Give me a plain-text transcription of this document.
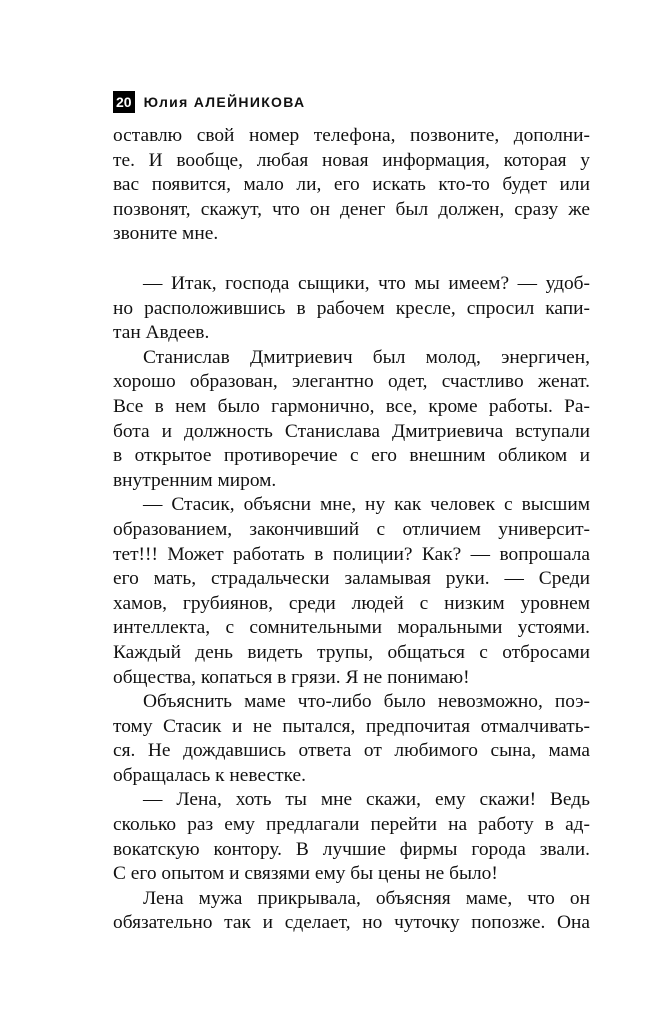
20 Юлия АЛЕЙНИКОВА
оставлю свой номер телефона, позвоните, дополни-
те. И вообще, любая новая информация, которая у
вас появится, мало ли, его искать кто-то будет или
позвонят, скажут, что он денег был должен, сразу же
звоните мне.
— Итак, господа сыщики, что мы имеем? — удоб-
но расположившись в рабочем кресле, спросил капи-
тан Авдеев.
Станислав Дмитриевич был молод, энергичен,
хорошо образован, элегантно одет, счастливо женат.
Все в нем было гармонично, все, кроме работы. Ра-
бота и должность Станислава Дмитриевича вступали
в открытое противоречие с его внешним обликом и
внутренним миром.
— Стасик, объясни мне, ну как человек с высшим
образованием, закончивший с отличием университ-
тет!!! Может работать в полиции? Как? — вопрошала
его мать, страдальчески заламывая руки. — Среди
хамов, грубиянов, среди людей с низким уровнем
интеллекта, с сомнительными моральными устоями.
Каждый день видеть трупы, общаться с отбросами
общества, копаться в грязи. Я не понимаю!
Объяснить маме что-либо было невозможно, поэ-
тому Стасик и не пытался, предпочитая отмалчивать-
ся. Не дождавшись ответа от любимого сына, мама
обращалась к невестке.
— Лена, хоть ты мне скажи, ему скажи! Ведь
сколько раз ему предлагали перейти на работу в ад-
вокатскую контору. В лучшие фирмы города звали.
С его опытом и связями ему бы цены не было!
Лена мужа прикрывала, объясняя маме, что он
обязательно так и сделает, но чуточку попозже. Она
